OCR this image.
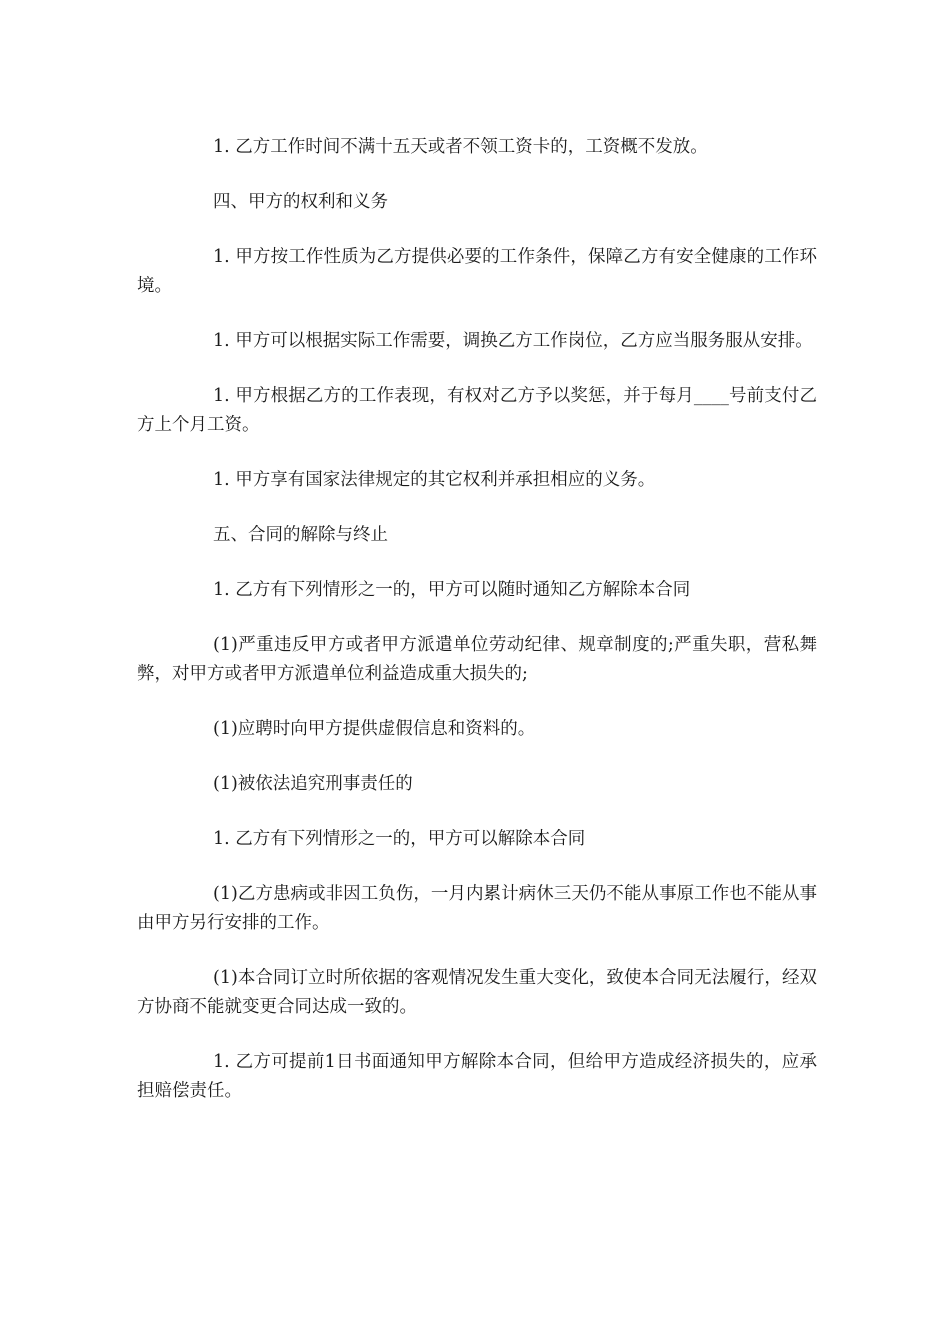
1. 乙方工作时间不满十五天或者不领工资卡的，工资概不发放。

四、甲方的权利和义务

1. 甲方按工作性质为乙方提供必要的工作条件，保障乙方有安全健康的工作环境。

1. 甲方可以根据实际工作需要，调换乙方工作岗位，乙方应当服务服从安排。

1. 甲方根据乙方的工作表现，有权对乙方予以奖惩，并于每月____号前支付乙方上个月工资。

1. 甲方享有国家法律规定的其它权利并承担相应的义务。

五、合同的解除与终止

1. 乙方有下列情形之一的，甲方可以随时通知乙方解除本合同

(1)严重违反甲方或者甲方派遣单位劳动纪律、规章制度的;严重失职，营私舞弊，对甲方或者甲方派遣单位利益造成重大损失的;

(1)应聘时向甲方提供虚假信息和资料的。

(1)被依法追究刑事责任的

1. 乙方有下列情形之一的，甲方可以解除本合同

(1)乙方患病或非因工负伤，一月内累计病休三天仍不能从事原工作也不能从事由甲方另行安排的工作。

(1)本合同订立时所依据的客观情况发生重大变化，致使本合同无法履行，经双方协商不能就变更合同达成一致的。

1. 乙方可提前1日书面通知甲方解除本合同，但给甲方造成经济损失的，应承担赔偿责任。
